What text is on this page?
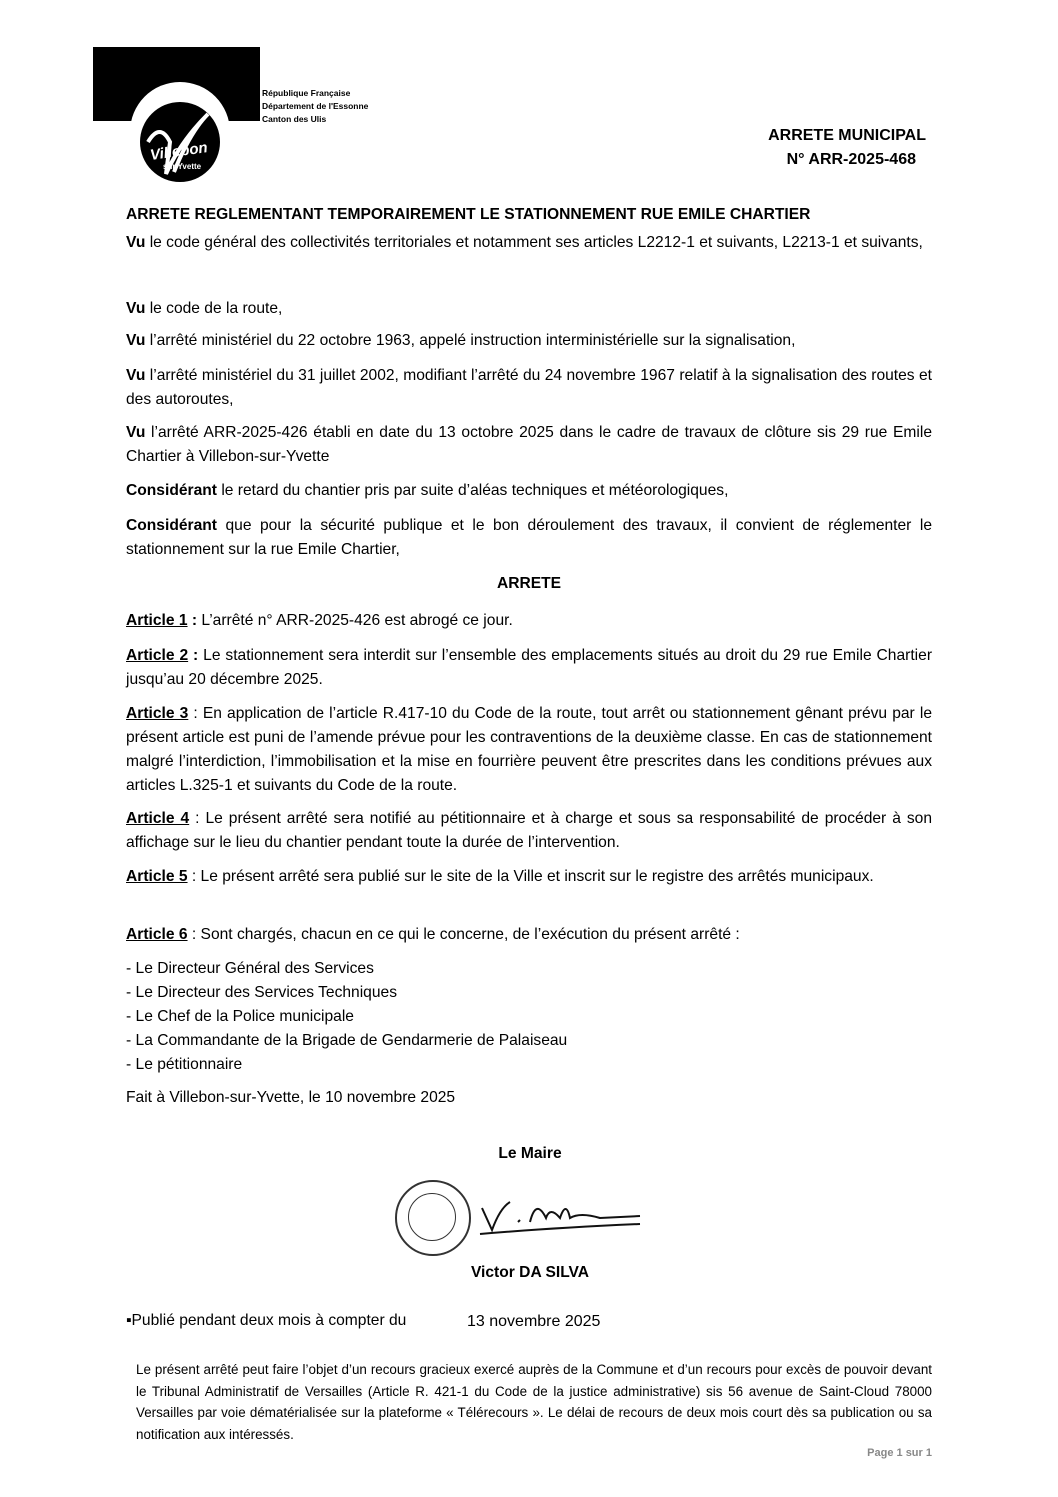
Villebon
sur Yvette
République Française
Département de l'Essonne
Canton des Ulis
ARRETE MUNICIPAL
N° ARR-2025-468
ARRETE REGLEMENTANT TEMPORAIREMENT LE STATIONNEMENT RUE EMILE CHARTIER
Vu le code général des collectivités territoriales et notamment ses articles L2212-1 et suivants, L2213-1 et suivants,
Vu le code de la route,
Vu l’arrêté ministériel du 22 octobre 1963, appelé instruction interministérielle sur la signalisation,
Vu l’arrêté ministériel du 31 juillet 2002, modifiant l’arrêté du 24 novembre 1967 relatif à la signalisation des routes et des autoroutes,
Vu l’arrêté ARR-2025-426 établi en date du 13 octobre 2025 dans le cadre de travaux de clôture sis 29 rue Emile Chartier à Villebon-sur-Yvette
Considérant le retard du chantier pris par suite d’aléas techniques et météorologiques,
Considérant que pour la sécurité publique et le bon déroulement des travaux, il convient de réglementer le stationnement sur la rue Emile Chartier,
ARRETE
Article 1 : L’arrêté n° ARR-2025-426 est abrogé ce jour.
Article 2 : Le stationnement sera interdit sur l’ensemble des emplacements situés au droit du 29 rue Emile Chartier jusqu’au 20 décembre 2025.
Article 3 : En application de l’article R.417-10 du Code de la route, tout arrêt ou stationnement gênant prévu par le présent article est puni de l’amende prévue pour les contraventions de la deuxième classe. En cas de stationnement malgré l’interdiction, l’immobilisation et la mise en fourrière peuvent être prescrites dans les conditions prévues aux articles L.325-1 et suivants du Code de la route.
Article 4 : Le présent arrêté sera notifié au pétitionnaire et à charge et sous sa responsabilité de procéder à son affichage sur le lieu du chantier pendant toute la durée de l’intervention.
Article 5 : Le présent arrêté sera publié sur le site de la Ville et inscrit sur le registre des arrêtés municipaux.
Article 6 : Sont chargés, chacun en ce qui le concerne, de l’exécution du présent arrêté :
- Le Directeur Général des Services
- Le Directeur des Services Techniques
- Le Chef de la Police municipale
- La Commandante de la Brigade de Gendarmerie de Palaiseau
- Le pétitionnaire
Fait à Villebon-sur-Yvette, le 10 novembre 2025
Le Maire
Victor DA SILVA
▪Publié pendant deux mois à compter du	13 novembre 2025
Le présent arrêté peut faire l’objet d’un recours gracieux exercé auprès de la Commune et d’un recours pour excès de pouvoir devant le Tribunal Administratif de Versailles (Article R. 421-1 du Code de la justice administrative) sis 56 avenue de Saint-Cloud 78000 Versailles par voie dématérialisée sur la plateforme « Télérecours ». Le délai de recours de deux mois court dès sa publication ou sa notification aux intéressés.
Page 1 sur 1
